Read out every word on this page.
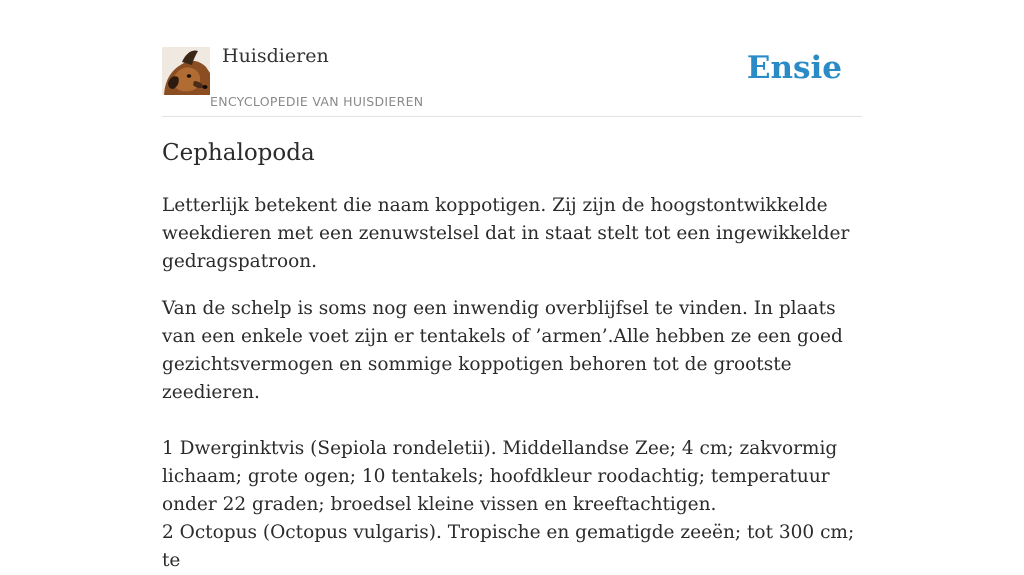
Huisdieren
ENCYCLOPEDIE VAN HUISDIEREN
Ensie
Cephalopoda

Letterlijk betekent die naam koppotigen. Zij zijn de hoogstontwikkelde weekdieren met een zenuwstelsel dat in staat stelt tot een ingewikkelder gedragspatroon.

Van de schelp is soms nog een inwendig overblijfsel te vinden. In plaats van een enkele voet zijn er tentakels of ’armen’.Alle hebben ze een goed gezichtsvermogen en sommige koppotigen behoren tot de grootste zeedieren.

1 Dwerginktvis (Sepiola rondeletii). Middellandse Zee; 4 cm; zakvormig lichaam; grote ogen; 10 tentakels; hoofdkleur roodachtig; temperatuur onder 22 graden; broedsel kleine vissen en kreeftachtigen.
2 Octopus (Octopus vulgaris). Tropische en gematigde zeeën; tot 300 cm; te
